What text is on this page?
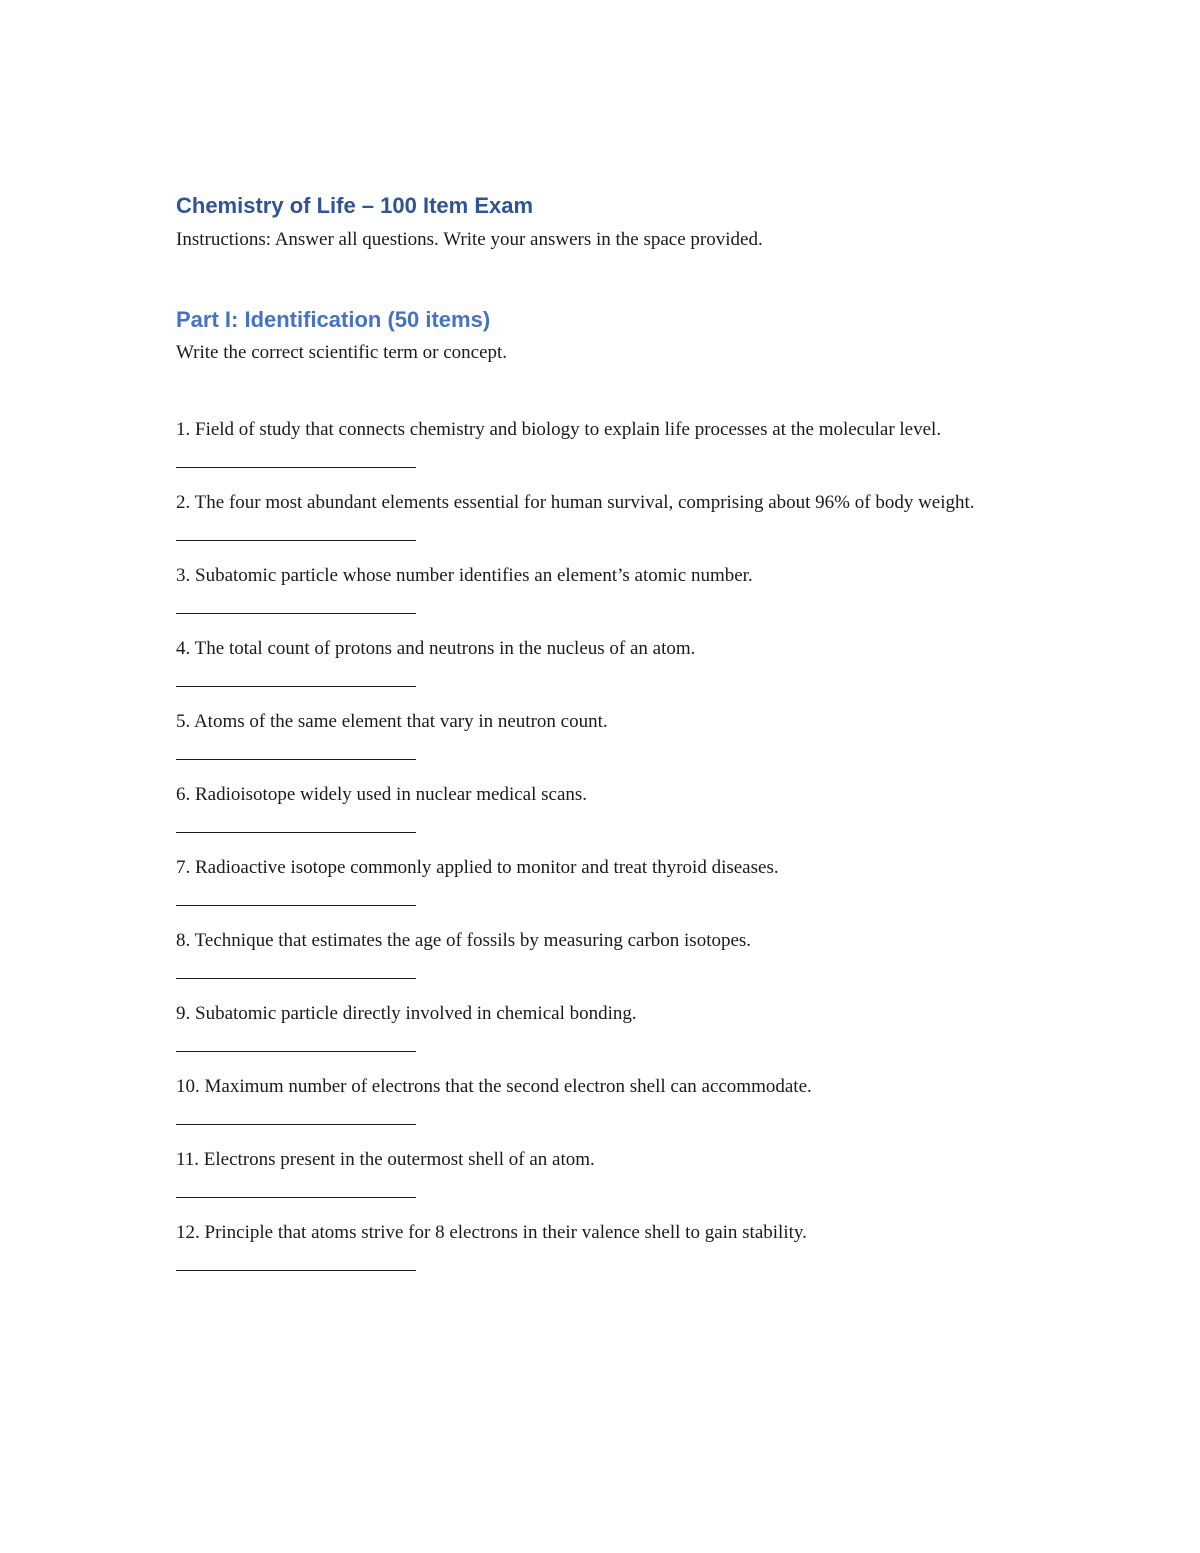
Chemistry of Life – 100 Item Exam

Instructions: Answer all questions. Write your answers in the space provided.

Part I: Identification (50 items)

Write the correct scientific term or concept.

1. Field of study that connects chemistry and biology to explain life processes at the molecular level.

2. The four most abundant elements essential for human survival, comprising about 96% of body weight.

3. Subatomic particle whose number identifies an element’s atomic number.

4. The total count of protons and neutrons in the nucleus of an atom.

5. Atoms of the same element that vary in neutron count.

6. Radioisotope widely used in nuclear medical scans.

7. Radioactive isotope commonly applied to monitor and treat thyroid diseases.

8. Technique that estimates the age of fossils by measuring carbon isotopes.

9. Subatomic particle directly involved in chemical bonding.

10. Maximum number of electrons that the second electron shell can accommodate.

11. Electrons present in the outermost shell of an atom.

12. Principle that atoms strive for 8 electrons in their valence shell to gain stability.
